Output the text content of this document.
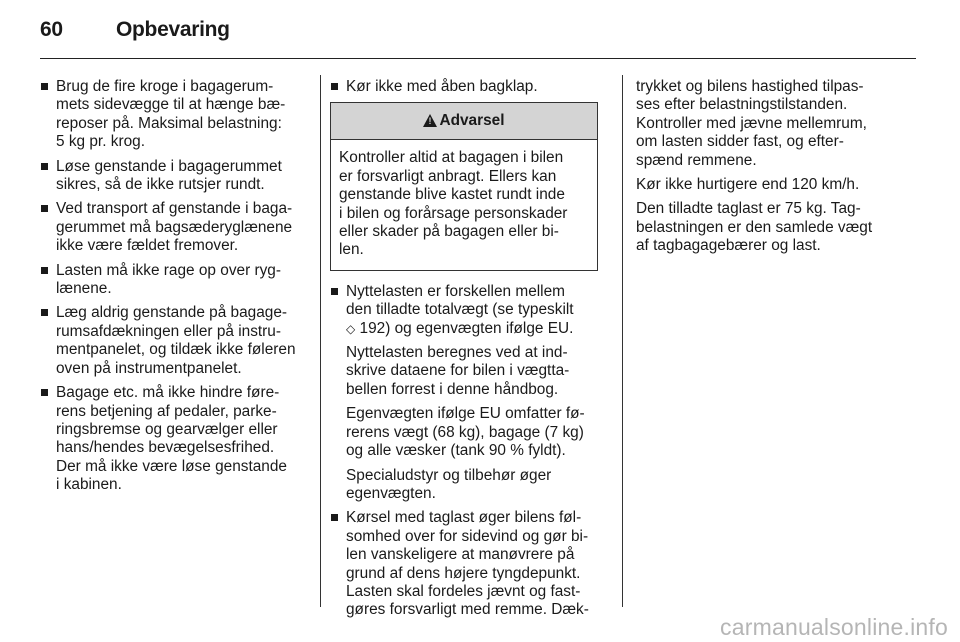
60	Opbevaring
Brug de fire kroge i bagagerum-
mets sidevægge til at hænge bæ-
reposer på. Maksimal belastning:
5 kg pr. krog.
Løse genstande i bagagerummet
sikres, så de ikke rutsjer rundt.
Ved transport af genstande i baga-
gerummet må bagsæderyglænene
ikke være fældet fremover.
Lasten må ikke rage op over ryg-
lænene.
Læg aldrig genstande på bagage-
rumsafdækningen eller på instru-
mentpanelet, og tildæk ikke føleren
oven på instrumentpanelet.
Bagage etc. må ikke hindre føre-
rens betjening af pedaler, parke-
ringsbremse og gearvælger eller
hans/hendes bevægelsesfrihed.
Der må ikke være løse genstande
i kabinen.
Kør ikke med åben bagklap.
!
Advarsel
Kontroller altid at bagagen i bilen
er forsvarligt anbragt. Ellers kan
genstande blive kastet rundt inde
i bilen og forårsage personskader
eller skader på bagagen eller bi-
len.
Nyttelasten er forskellen mellem
den tilladte totalvægt (se typeskilt
◇ 192) og egenvægten ifølge EU.
Nyttelasten beregnes ved at ind-
skrive dataene for bilen i vægtta-
bellen forrest i denne håndbog.
Egenvægten ifølge EU omfatter fø-
rerens vægt (68 kg), bagage (7 kg)
og alle væsker (tank 90 % fyldt).
Specialudstyr og tilbehør øger
egenvægten.
Kørsel med taglast øger bilens føl-
somhed over for sidevind og gør bi-
len vanskeligere at manøvrere på
grund af dens højere tyngdepunkt.
Lasten skal fordeles jævnt og fast-
gøres forsvarligt med remme. Dæk-
trykket og bilens hastighed tilpas-
ses efter belastningstilstanden.
Kontroller med jævne mellemrum,
om lasten sidder fast, og efter-
spænd remmene.
Kør ikke hurtigere end 120 km/h.
Den tilladte taglast er 75 kg. Tag-
belastningen er den samlede vægt
af tagbagagebærer og last.
carmanualsonline.info
